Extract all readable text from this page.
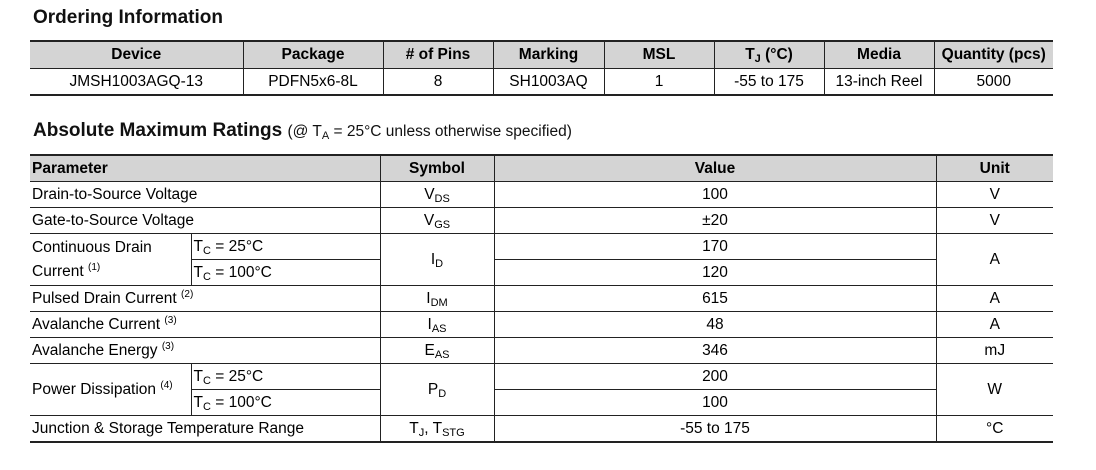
Ordering Information
Device	Package	# of Pins	Marking	MSL	$T_J$ (°C)	Media	Quantity (pcs)
JMSH1003AGQ-13	PDFN5x6-8L	8	SH1003AQ	1	-55 to 175	13-inch Reel	5000
Absolute Maximum Ratings (@ $T_A = 25^\circ C$ unless otherwise specified)
Parameter		Symbol	Value	Unit
Drain-to-Source Voltage		$V_{DS}$	100	V
Gate-to-Source Voltage		$V_{GS}$	±20	V
Continuous Drain Current $^{(1)}$	$T_C = 25^\circ C$	$I_D$	170	A
	$T_C = 100^\circ C$		120	
Pulsed Drain Current $^{(2)}$		$I_{DM}$	615	A
Avalanche Current $^{(3)}$		$I_{AS}$	48	A
Avalanche Energy $^{(3)}$		$E_{AS}$	346	mJ
Power Dissipation $^{(4)}$	$T_C = 25^\circ C$	$P_D$	200	W
	$T_C = 100^\circ C$		100	
Junction & Storage Temperature Range		$T_J$, $T_{STG}$	-55 to 175	°C
